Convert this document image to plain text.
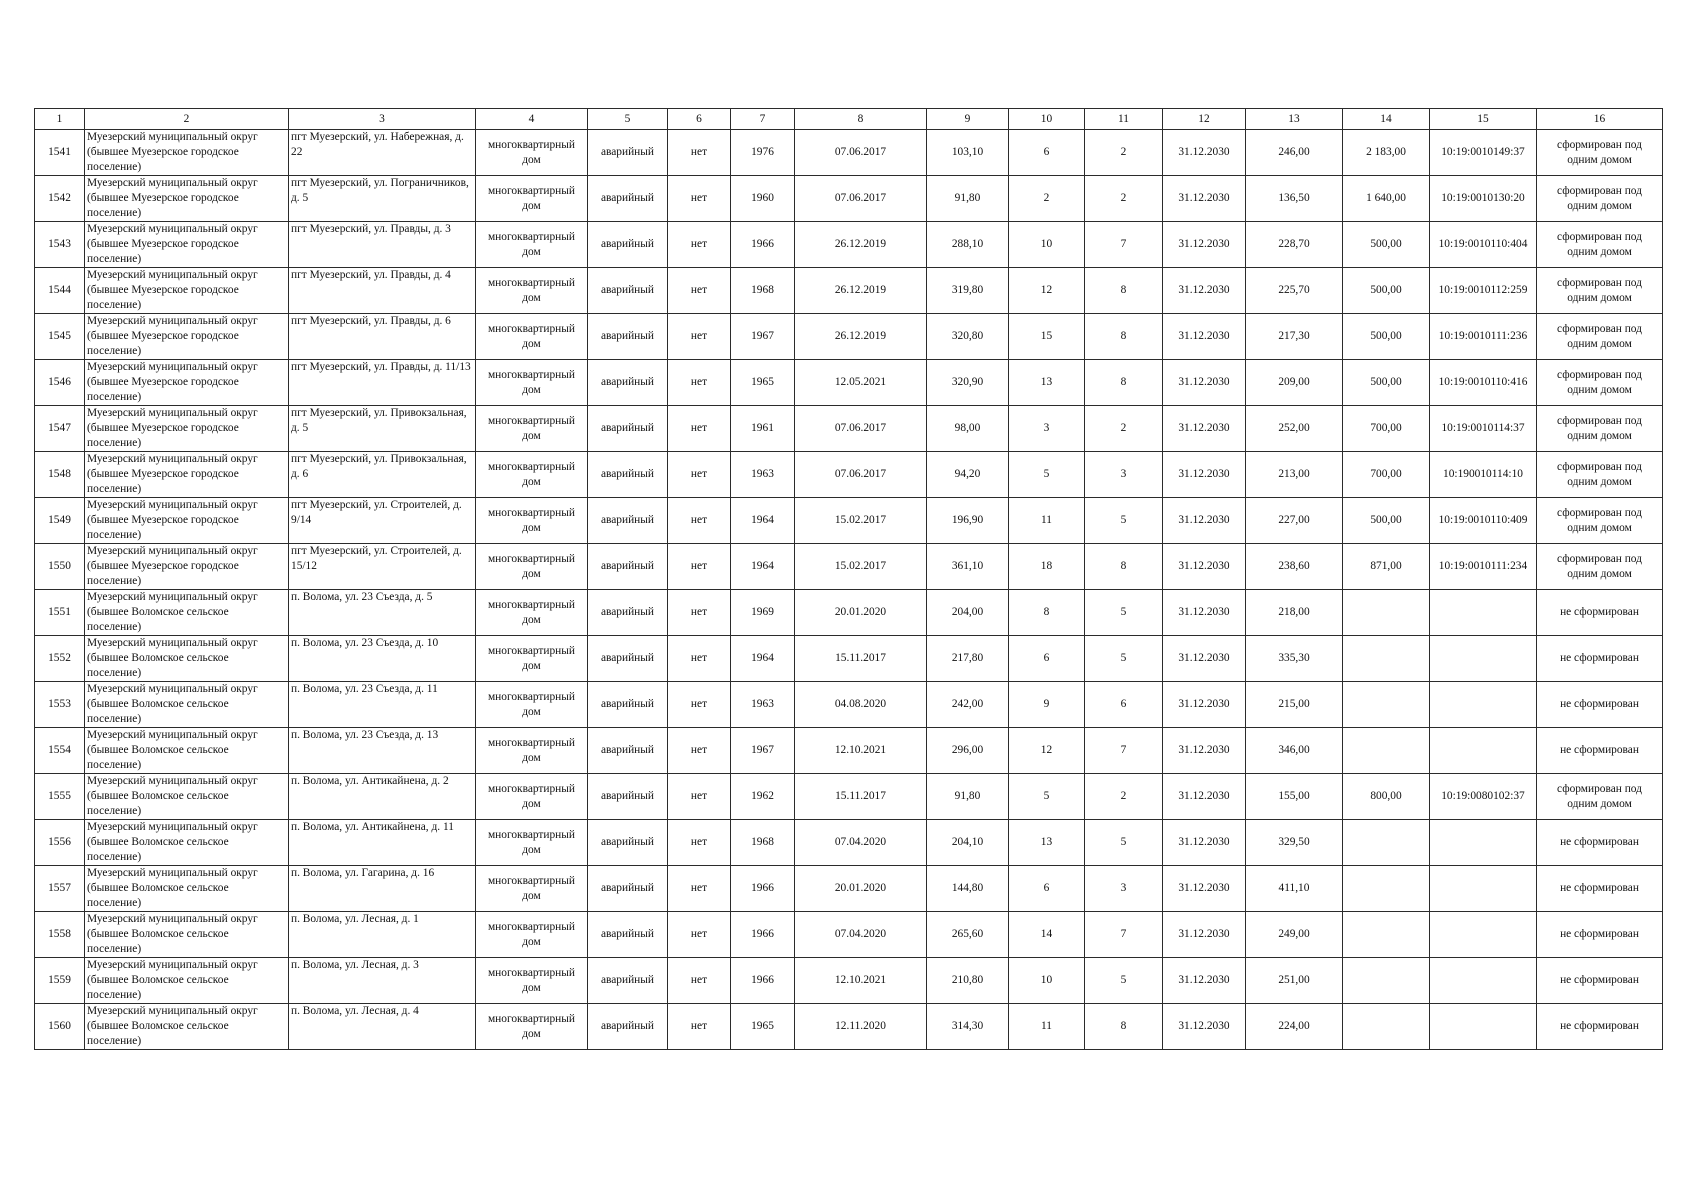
1	2	3	4	5	6	7	8	9	10	11	12	13	14	15	16
1541	Муезерский муниципальный округ
(бывшее Муезерское городское
поселение)	пгт Муезерский, ул. Набережная, д. 22	многоквартирный
дом	аварийный	нет	1976	07.06.2017	103,10	6	2	31.12.2030	246,00	2 183,00	10:19:0010149:37	сформирован под
одним домом
1542	Муезерский муниципальный округ
(бывшее Муезерское городское
поселение)	пгт Муезерский, ул. Пограничников, д. 5	многоквартирный
дом	аварийный	нет	1960	07.06.2017	91,80	2	2	31.12.2030	136,50	1 640,00	10:19:0010130:20	сформирован под
одним домом
1543	Муезерский муниципальный округ
(бывшее Муезерское городское
поселение)	пгт Муезерский, ул. Правды, д. 3	многоквартирный
дом	аварийный	нет	1966	26.12.2019	288,10	10	7	31.12.2030	228,70	500,00	10:19:0010110:404	сформирован под
одним домом
1544	Муезерский муниципальный округ
(бывшее Муезерское городское
поселение)	пгт Муезерский, ул. Правды, д. 4	многоквартирный
дом	аварийный	нет	1968	26.12.2019	319,80	12	8	31.12.2030	225,70	500,00	10:19:0010112:259	сформирован под
одним домом
1545	Муезерский муниципальный округ
(бывшее Муезерское городское
поселение)	пгт Муезерский, ул. Правды, д. 6	многоквартирный
дом	аварийный	нет	1967	26.12.2019	320,80	15	8	31.12.2030	217,30	500,00	10:19:0010111:236	сформирован под
одним домом
1546	Муезерский муниципальный округ
(бывшее Муезерское городское
поселение)	пгт Муезерский, ул. Правды, д. 11/13	многоквартирный
дом	аварийный	нет	1965	12.05.2021	320,90	13	8	31.12.2030	209,00	500,00	10:19:0010110:416	сформирован под
одним домом
1547	Муезерский муниципальный округ
(бывшее Муезерское городское
поселение)	пгт Муезерский, ул. Привокзальная, д. 5	многоквартирный
дом	аварийный	нет	1961	07.06.2017	98,00	3	2	31.12.2030	252,00	700,00	10:19:0010114:37	сформирован под
одним домом
1548	Муезерский муниципальный округ
(бывшее Муезерское городское
поселение)	пгт Муезерский, ул. Привокзальная, д. 6	многоквартирный
дом	аварийный	нет	1963	07.06.2017	94,20	5	3	31.12.2030	213,00	700,00	10:190010114:10	сформирован под
одним домом
1549	Муезерский муниципальный округ
(бывшее Муезерское городское
поселение)	пгт Муезерский, ул. Строителей, д. 9/14	многоквартирный
дом	аварийный	нет	1964	15.02.2017	196,90	11	5	31.12.2030	227,00	500,00	10:19:0010110:409	сформирован под
одним домом
1550	Муезерский муниципальный округ
(бывшее Муезерское городское
поселение)	пгт Муезерский, ул. Строителей, д. 15/12	многоквартирный
дом	аварийный	нет	1964	15.02.2017	361,10	18	8	31.12.2030	238,60	871,00	10:19:0010111:234	сформирован под
одним домом
1551	Муезерский муниципальный округ
(бывшее Воломское сельское
поселение)	п. Волома, ул. 23 Съезда, д. 5	многоквартирный
дом	аварийный	нет	1969	20.01.2020	204,00	8	5	31.12.2030	218,00			не сформирован
1552	Муезерский муниципальный округ
(бывшее Воломское сельское
поселение)	п. Волома, ул. 23 Съезда, д. 10	многоквартирный
дом	аварийный	нет	1964	15.11.2017	217,80	6	5	31.12.2030	335,30			не сформирован
1553	Муезерский муниципальный округ
(бывшее Воломское сельское
поселение)	п. Волома, ул. 23 Съезда, д. 11	многоквартирный
дом	аварийный	нет	1963	04.08.2020	242,00	9	6	31.12.2030	215,00			не сформирован
1554	Муезерский муниципальный округ
(бывшее Воломское сельское
поселение)	п. Волома, ул. 23 Съезда, д. 13	многоквартирный
дом	аварийный	нет	1967	12.10.2021	296,00	12	7	31.12.2030	346,00			не сформирован
1555	Муезерский муниципальный округ
(бывшее Воломское сельское
поселение)	п. Волома, ул. Антикайнена, д. 2	многоквартирный
дом	аварийный	нет	1962	15.11.2017	91,80	5	2	31.12.2030	155,00	800,00	10:19:0080102:37	сформирован под
одним домом
1556	Муезерский муниципальный округ
(бывшее Воломское сельское
поселение)	п. Волома, ул. Антикайнена, д. 11	многоквартирный
дом	аварийный	нет	1968	07.04.2020	204,10	13	5	31.12.2030	329,50			не сформирован
1557	Муезерский муниципальный округ
(бывшее Воломское сельское
поселение)	п. Волома, ул. Гагарина, д. 16	многоквартирный
дом	аварийный	нет	1966	20.01.2020	144,80	6	3	31.12.2030	411,10			не сформирован
1558	Муезерский муниципальный округ
(бывшее Воломское сельское
поселение)	п. Волома, ул. Лесная, д. 1	многоквартирный
дом	аварийный	нет	1966	07.04.2020	265,60	14	7	31.12.2030	249,00			не сформирован
1559	Муезерский муниципальный округ
(бывшее Воломское сельское
поселение)	п. Волома, ул. Лесная, д. 3	многоквартирный
дом	аварийный	нет	1966	12.10.2021	210,80	10	5	31.12.2030	251,00			не сформирован
1560	Муезерский муниципальный округ
(бывшее Воломское сельское
поселение)	п. Волома, ул. Лесная, д. 4	многоквартирный
дом	аварийный	нет	1965	12.11.2020	314,30	11	8	31.12.2030	224,00			не сформирован
